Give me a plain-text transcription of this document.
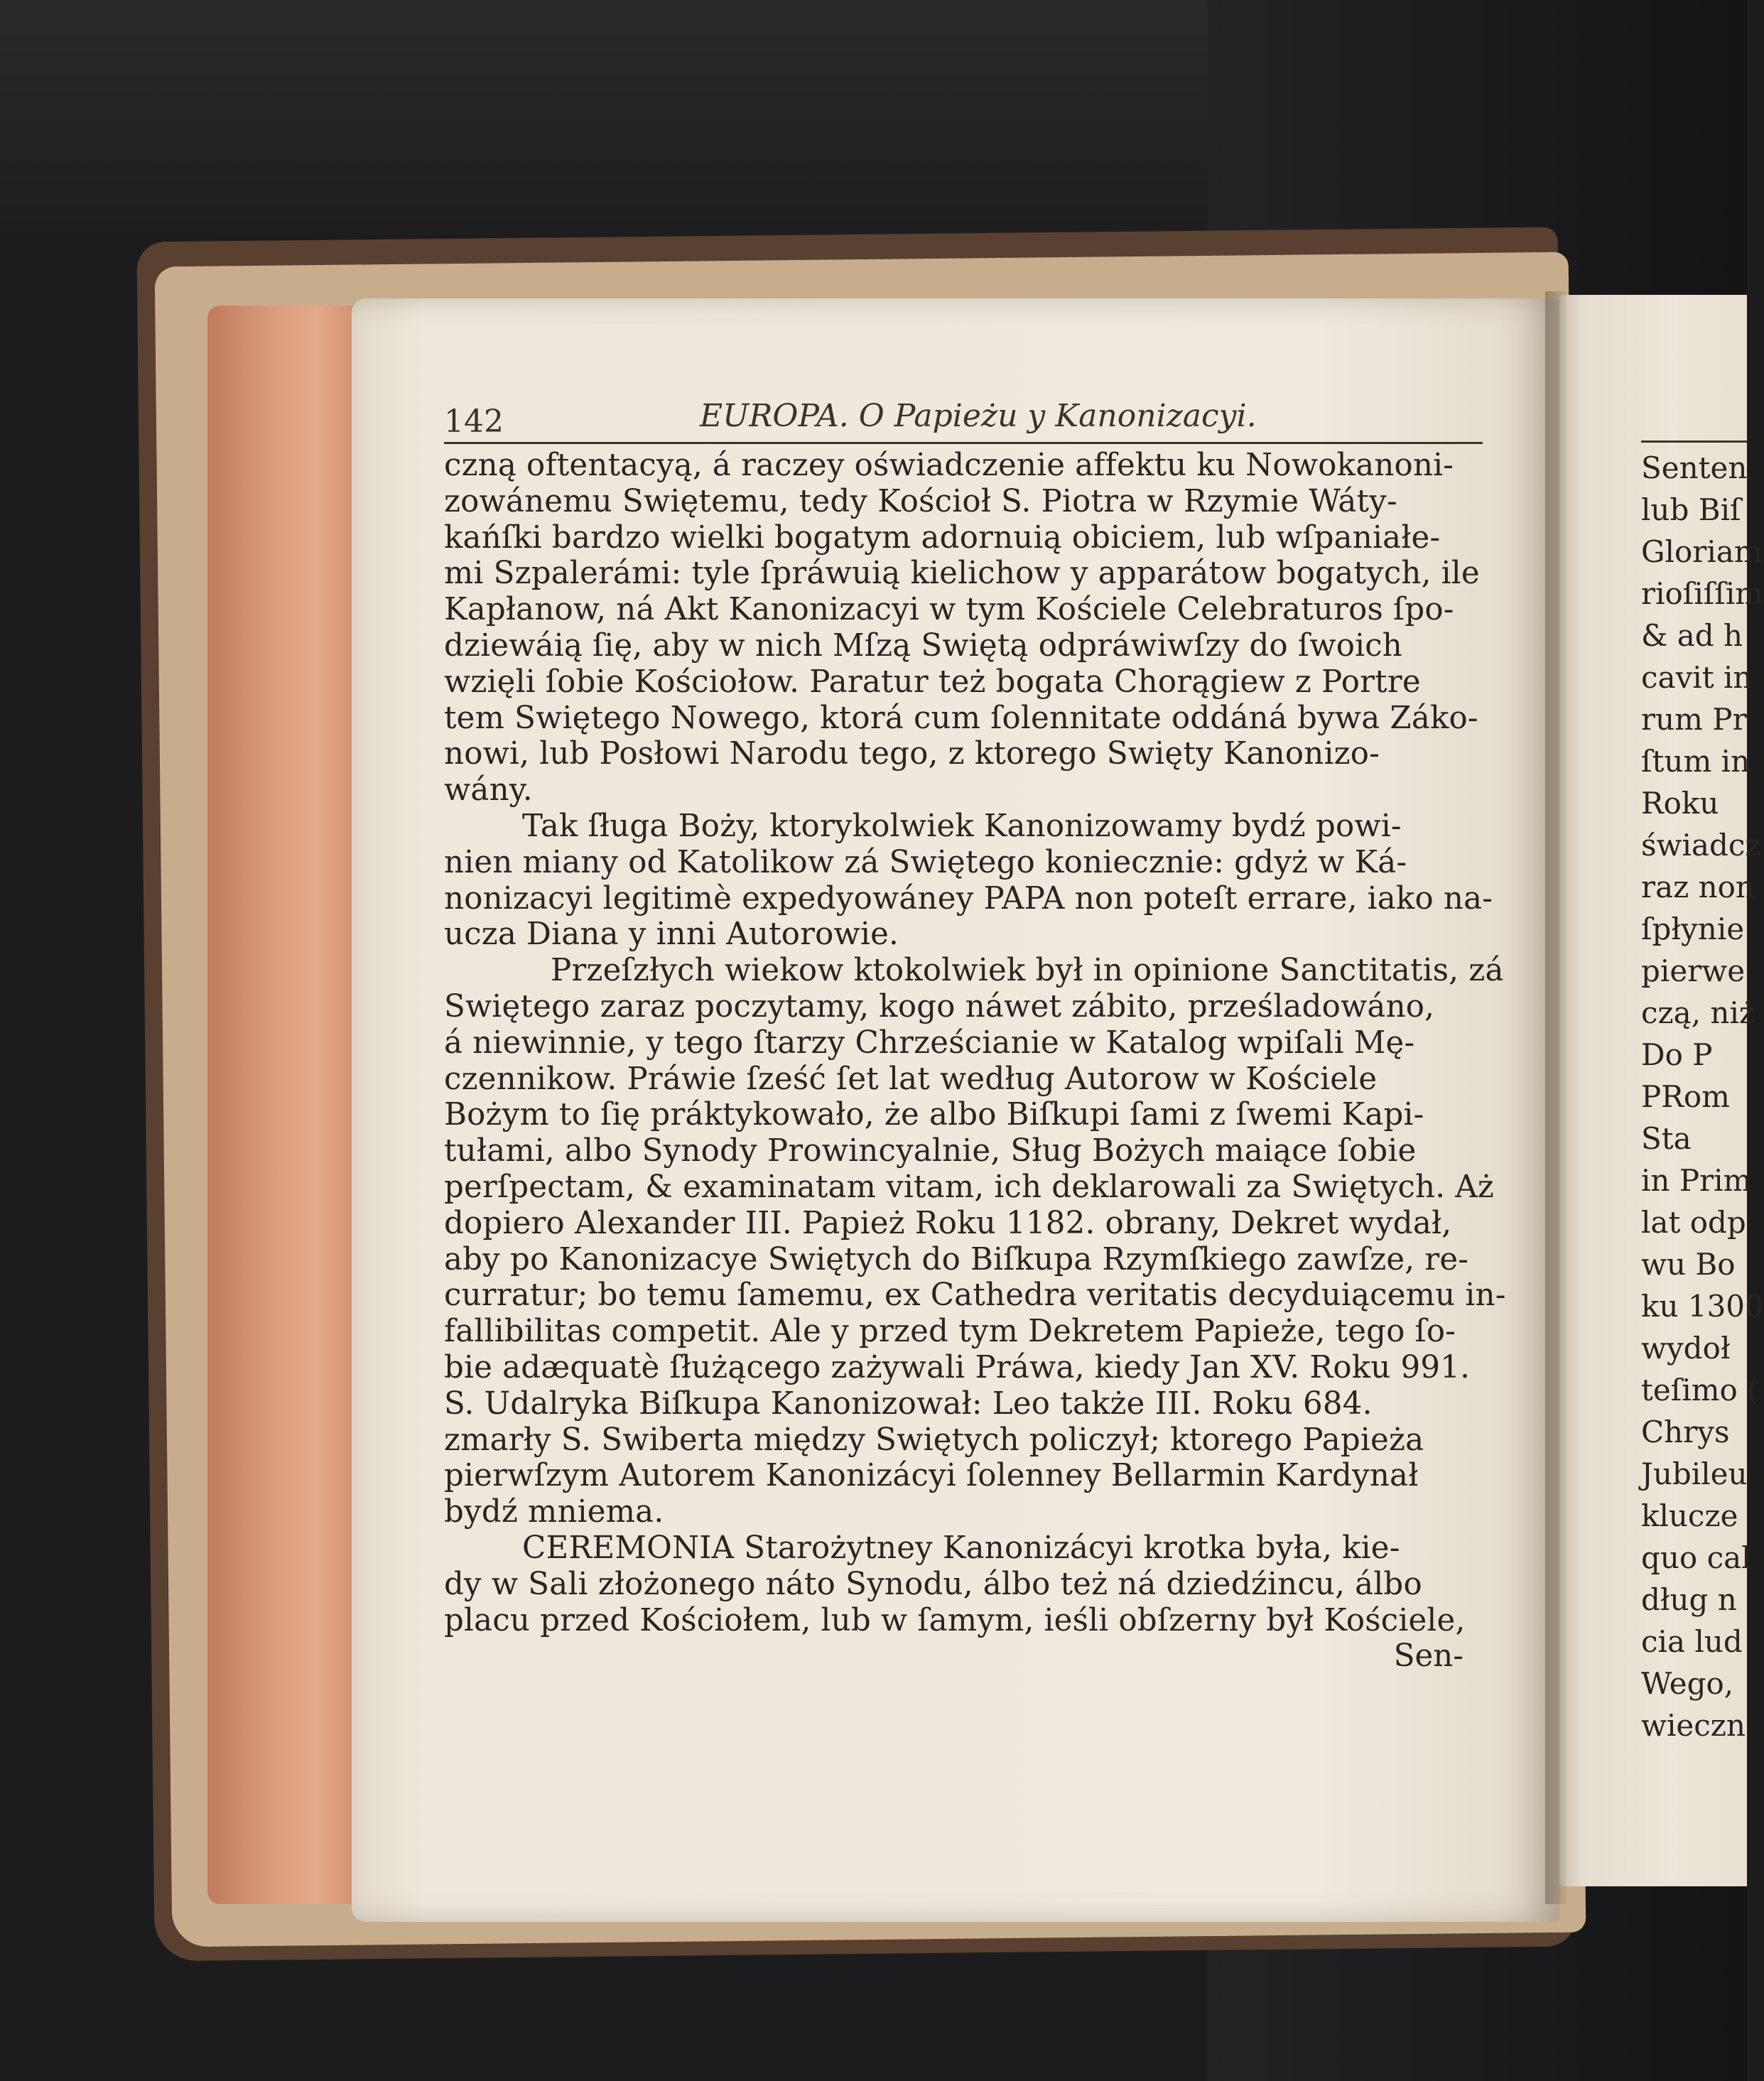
142	EUROPA. O Papieżu y Kanonizacyi.
czną oftentacyą, á raczey oświadczenie affektu ku Nowokanoni-
zowánemu Swiętemu, tedy Kościoł S. Piotra w Rzymie Wáty-
kańſki bardzo wielki bogatym adornuią obiciem, lub wſpaniałe-
mi Szpalerámi: tyle ſpráwuią kielichow y apparátow bogatych, ile
Kapłanow, ná Akt Kanonizacyi w tym Kościele Celebraturos ſpo-
dziewáią ſię, aby w nich Mſzą Swiętą odpráwiwſzy do ſwoich
wzięli ſobie Kościołow. Paratur też bogata Chorągiew z Portre
tem Swiętego Nowego, ktorá cum ſolennitate oddáná bywa Záko-
nowi, lub Posłowi Narodu tego, z ktorego Swięty Kanonizo-
wány.
Tak ſługa Boży, ktorykolwiek Kanonizowamy bydź powi-
nien miany od Katolikow zá Swiętego koniecznie: gdyż w Ká-
nonizacyi legitimè expedyowáney PAPA non poteſt errare, iako na-
ucza Diana y inni Autorowie.
Przeſzłych wiekow ktokolwiek był in opinione Sanctitatis, zá
Swiętego zaraz poczytamy, kogo náwet zábito, prześladowáno,
á niewinnie, y tego ſtarzy Chrześcianie w Katalog wpiſali Mę-
czennikow. Práwie ſześć ſet lat według Autorow w Kościele
Bożym to ſię práktykowało, że albo Biſkupi ſami z ſwemi Kapi-
tułami, albo Synody Prowincyalnie, Sług Bożych maiące ſobie
perſpectam, & examinatam vitam, ich deklarowali za Swiętych. Aż
dopiero Alexander III. Papież Roku 1182. obrany, Dekret wydał,
aby po Kanonizacye Swiętych do Biſkupa Rzymſkiego zawſze, re-
curratur; bo temu ſamemu, ex Cathedra veritatis decyduiącemu in-
fallibilitas competit. Ale y przed tym Dekretem Papieże, tego ſo-
bie adæquatè ſłużącego zażywali Práwa, kiedy Jan XV. Roku 991.
S. Udalryka Biſkupa Kanonizował: Leo także III. Roku 684.
zmarły S. Swiberta między Swiętych policzył; ktorego Papieża
pierwſzym Autorem Kanonizácyi ſolenney Bellarmin Kardynał
bydź mniema.
CEREMONIA Starożytney Kanonizácyi krotka była, kie-
dy w Sali złożonego náto Synodu, álbo też ná dziedźincu, álbo
placu przed Kościołem, lub w ſamym, ieśli obſzerny był Kościele,
Sen-
Senten
lub Biſ
Gloriam
rioſiſſim
& ad h
cavit in
rum Pr
ſtum in
Roku
świadcz
raz non
ſpłynie
pierwe
czą, niż
Do P
PRom
Sta
in Prim
lat odp
wu Bo
ku 1300
wydoł
teſimo (
Chrys
Jubileu
klucze
quo cal
dług n
cia lud
Wego,
wieczn
